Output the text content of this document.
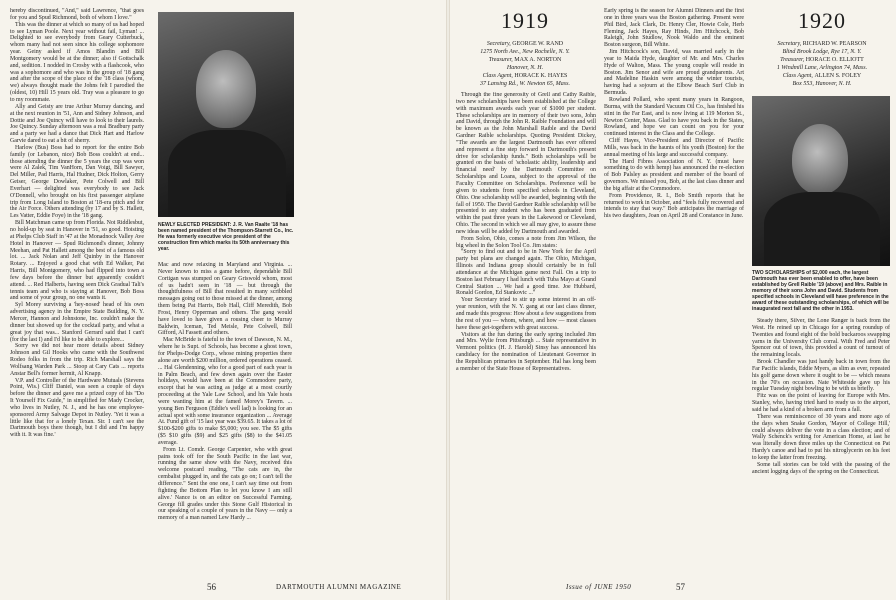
hereby discontinued, "And," said Lawrence, "that goes for you and Spud Richmond, both of whom I love."

This was the dinner at which so many of us had hoped to see Lyman Poole. Next year without fail, Lyman! ... Delighted to see everybody from Geary Cutterbuck, whom many had not seen since his college sophomore year. Geiny asked if Amos Blandin and Bill Montgomery would be at the dinner; also if Gottschalk and, sedition. I nodded in Crosby with a flashcook, who was a sophomore and who was in the group of '18 gang and after the scope of the place of the '18 class (whom, we) always thought made the Johns felt I parodied the (oldest, 10) Hill 15 years old. Tray was a pleasure to go to my roommate.

Ally and Geisty are true Arthur Murray dancing, and at the next reunion in '51, Ann and Sidney Johnson, and Dottie and Joe Quincy will have to look to their laurels. Joe Quincy. Sunday afternoon was a real Bradbury party and a party we had a dance that Dick Hart and Harlow Garvie dared to eat a bit of sherry.

Harlow (Bus) Boss had to report for the entire Bob family (or Lebanon, nice) Bob Boss couldn't at end... those attending the dinner the 5 years the cup was won were Al Zalek, Tim VanHorn, Dan Voigt, Bill Sawyer, Del Miller, Pad Harris, Hal Hudner, Dick Holton, Gerry Geiser, George Dowlaker, Pete Colwell and Bill Everhart — delighted was everybody to see Jack O'Donnell, who brought on his first passenger airplane trip from Long Island to Boston at '18-era pitch and for the Air Force. Others attending (by 17 and by S. Hallett, Les Vatter, Eddie Foye) in the '18 gang.

Bill Matchman came up from Florida. Not Riddlesbut, no hold-up by seat in Hanover in '51, so good. Hoisting at Phelps Club Staff in '47 at the Monadnock Valley Ave Hotel in Hanover — Spud Richmond's dinner, Johnny Meehan, and Pat Hallett among the best of a famous old lot. ... Jack Nolan and Jeff Quinby in the Hanover Rotary. ... Enjoyed a good chat with Ed Walker, Pat Harris, Bill Montgomery, who had flipped into town a few days before the dinner but apparently couldn't attend. ... Red Halberts, having seen Dick Gradual Tali's tennis team and who is staying at Hanover, Bob Boss and some of your group, no one wants it.

Syl Morey surviving a 'hey-nosed' head of his own advertising agency in the Empire State Building, N. Y. Mercer, Hannon and Johnstone, Inc. couldn't make the dinner but showed up for the cocktail party, and what a great joy that was... Stanford Gerrard said that I can't (for the last I) and I'd like to be able to explore...

Sorry we did not hear more details about Sidney Johnson and Gil Hooks who came with the Southwest Rodeo folks in from the trip. Rich Marshall says the Wolfsang Warden Park ... Stoop at Cary Cats ... reports Anstar Bell's former hermit, Al Knapp.

V.P. and Controller of the Hardware Mutuals (Stevens Point, Wis.) Cliff Daniel, was seen a couple of days before the dinner and gave me a prized copy of his "Do It Yourself Fix Guide," in simplified for Mady Crocker, who lives in Nutley, N. J., and he has one employee-sponsored Army Salvage Depot in Nutley. 'Yet it was a little like that for a lonely Texan. Sir. I can't see the Dartmouth boys there though, but I did and I'm happy with it. It was fine.'

NEWLY ELECTED PRESIDENT: J. R. Van Raalte '18 has been named president of the Thompson-Starrett Co., Inc. He was formerly executive vice president of the construction firm which marks its 50th anniversary this year.

Mac and now relaxing in Maryland and Virginia. ... Never known to miss a game before, dependable Bill Cortigan was stumped on Geary Griswold whom, most of us hadn't seen in '18 — but through the thoughtfulness of Bill that resulted in many scribbled messages going out to those missed at the dinner, among them being Pat Harris, Bob Hall, Cliff Meredith, Bob Frost, Henry Opperman and others. The gang would have loved to have given a rousing cheer to Murray Baldwin, Iceman, Ted Meisle, Pete Colwell, Bill Gifford, Al Fassett and others.

Mac McBride is fateful to the town of Dawson, N. M., where he is Supt. of Schools, has become a ghost town, for Phelps-Dodge Corp., whose mining properties there alone are worth $200 million, ordered operations ceased. ... Hal Glendenning, who for a good part of each year is in Palm Beach, and few down again over the Easter holidays, would have been at the Commodore party, except that he was acting as judge at a most courtly proceeding at the Yale Law School, and his Yale hosts were wanting him at the famed Morey's Tavern. ... young Ben Ferguson (Eddie's well lad) is looking for an actual spot with some insurance organization ... Average At. Fund gift of '15 last year was $39.65. It takes a lot of $100-$200 gifts to make $5,000; you see. The $5 gifts ($5 $10 gifts ($9) and $25 gifts ($8) to the $41.05 average.

From Lt. Comdr. George Carpenter, who with great pains took off for the South Pacific in the last war, running the same show with the Navy, received this welcome postcard reading, "The cats are in, the cembalist plugged in, and the cats go on; I can't tell the difference." Sent the one one, I can't say time out from fighting the Bottom Plan to let you know I am still alive.' Nance is on an editor on Successful Farming. George fill grades under this Stone Gulf Historical in our speaking of a couple of years in the Navy — only a memory of a man named Lew Hardy ...

56
1919
Secretary, GEORGE W. RAND
1275 North Ave., New Rochelle, N. Y.
Treasurer, MAX A. NORTON
Hanover, N. H.
Class Agent, HORACE K. HAYES
37 Lansing Rd., W. Newton 65, Mass.

Through the fine generosity of Grell and Cathy Raible, two new scholarships have been established at the College with maximum awards each year of $1000 per student. These scholarships are in memory of their two sons, John and David, through the John R. Raible Foundation and will be known as the John Marshall Raible and the David Gardner Raible scholarships. Quoting President Dickey, "The awards are the largest Dartmouth has ever offered and represent a fine step forward in Dartmouth's present drive for scholarship funds." Both scholarships will be granted on the basis of 'scholastic ability, leadership and financial need' by the Dartmouth Committee on Scholarships and Loans, subject to the approval of the Faculty Committee on Scholarships. Preference will be given to students from specified schools in Cleveland, Ohio. One scholarship will be awarded, beginning with the fall of 1950. The David Gardner Raible scholarship will be presented to any student who has been graduated from within the past three years in the Lakewood or Cleveland, Ohio. The second in which we all may give, to assure these new ideas will be added by Dartmouth and awarded.

From Solon, Ohio, comes a note from Jim Wilson, the big wheel in the Solon Tool Co. Jim states:

"Sorry to find out and to be in New York for the April party but plans are changed again. The Ohio, Michigan, Illinois and Indiana group should certainly be in full attendance at the Michigan game next Fall. On a trip to Boston last February I had lunch with Tuba Mayo at Grand Central Station ... We had a good time. Joe Hubbard, Ronald Gordon, Ed Stankovic ..."

Your Secretary tried to stir up some interest in an off-year reunion, with the N. Y. gang at our last class dinner, and made this progress: How about a few suggestions from the rest of you — whom, where, and how — most classes have these get-togethers with great success.

Visitors at the fun during the early spring included Jim and Mrs. Wylie from Pittsburgh ... State representative in Vermont politics (H. J. Harold) Sinsy has announced his candidacy for the nomination of Lieutenant Governor in the Republican primaries in September. Hal has long been a member of the State House of Representatives.

Early spring is the season for Alumni Dinners and the first one in three years was the Boston gathering. Present were Phil Bird, Jack Clark, Dr. Henry Cler, Howie Cole, Herb Fleming, Jack Hayes, Ray Hinds, Jim Hitchcock, Bob Raleigh, John Studlow, Nook Waldo and the eminent Boston surgeon, Bill White.

Jim Hitchcock's son, David, was married early in the year to Maida Hyde, daughter of Mr. and Mrs. Charles Hyde of Walton, Mass. The young couple will reside in Boston. Jim Senor and wife are proud grandparents. Art and Madeline Haskin were among the winter tourists, having had a sojourn at the Elbow Beach Surf Club in Bermuda.

Rowland Pollard, who spent many years in Rangoon, Burma, with the Standard Vacuum Oil Co., has finished his stint in the Far East, and is now living at 119 Morton St., Newton Center, Mass. Glad to have you back in the States, Rowland, and hope we can count on you for your continued interest in the Class and the College.

Cliff Hayes, Vice-President and Director of Pacific Mills, was back in the haunts of his youth (Boston) for the annual meeting of his large and successful company.

The Hard Fibres Association of N. Y. (must have something to do with hemp) has announced the re-election of Bob Palsley as president and member of the board of governors. We missed you, Bob, at the last class dinner and the big affair at the Commodore.

From Providence, R. I., Bob Smith reports that he returned to work in October, and "feels fully recovered and intends to stay that way." Bob anticipates the marriage of his two daughters, Joan on April 28 and Constance in June.

1920
Secretary, RICHARD W. PEARSON
Blind Brook Lodge, Rye 17, N. Y.
Treasurer, HORACE O. ELLIOTT
1 Windmill Lane, Arlington 74, Mass.
Class Agent, ALLEN S. FOLEY
Box 553, Hanover, N. H.
TWO SCHOLARSHIPS of $2,000 each, the largest Dartmouth has ever been enabled to offer, have been established by Grell Raible '19 (above) and Mrs. Raible in memory of their sons John and David. Students from specified schools in Cleveland will have preference in the award of these outstanding scholarships, of which will be inaugurated next fall and the other in 1953.

Steady there, Silver, the Lone Ranger is back from the West. He reined up in Chicago for a spring roundup of Twenties and found eight of the bold buckaroos swapping yarns in the University Club corral. With Fred and Peter Spencer out of town, this provided a count of turnout of the remaining locals.

Brook Chandler was just handy back in town from the Far Pacific islands, Eddie Myers, as slim as ever, repeated his golf game down where it ought to be — which means in the 70's on occasion. Nate Whiteside gave up his regular Tuesday night bowling to be with us briefly.

Fitz was on the point of leaving for Europe with Mrs. Stanley, who, having tried hard to ready us to the airport, said he had a kind of a broken arm from a fall.

There was reminiscence of 30 years and more ago of the days when Snake Gordon, 'Mayor of College Hill,' could always deliver the vote in a class election; and of Wally Schenck's writing for American Home, at last he was literally down three miles up the Connecticut on Pat Hardy's canoe and had to put his nitroglycerin on his feet to keep the latter from freezing.

Some tall stories can be told with the passing of the ancient logging days of the spring on the Connecticut.

57
DARTMOUTH ALUMNI MAGAZINE	Issue of JUNE 1950
